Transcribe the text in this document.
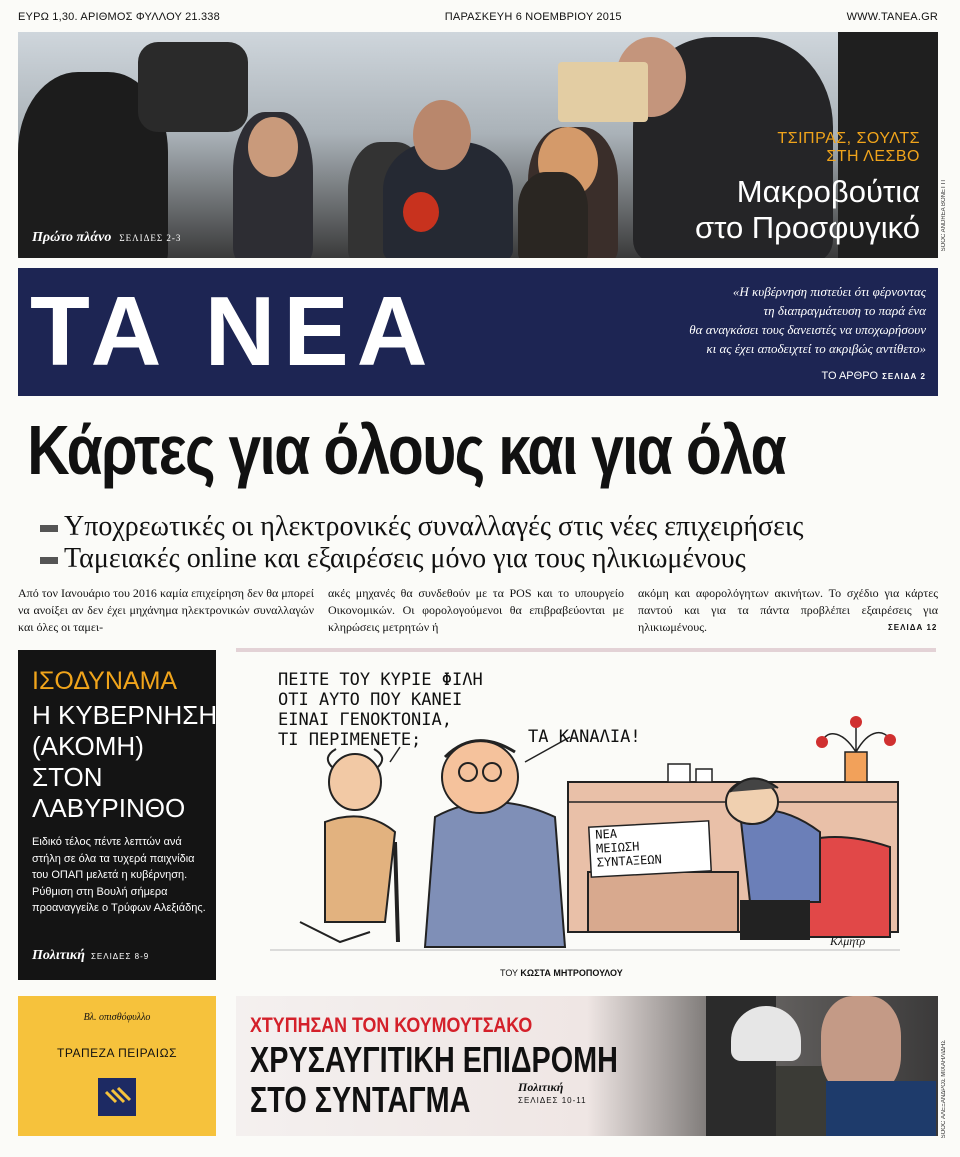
ΕΥΡΩ 1,30. ΑΡΙΘΜΟΣ ΦΥΛΛΟΥ 21.338	ΠΑΡΑΣΚΕΥΗ 6 ΝΟΕΜΒΡΙΟΥ 2015	WWW.TANEA.GR
Πρώτο πλάνο ΣΕΛΙΔΕΣ 2-3
ΤΣΙΠΡΑΣ, ΣΟΥΛΤΣ
ΣΤΗ ΛΕΣΒΟ
Μακροβούτια
στο Προσφυγικό	SOOC ANDREA BONETTI
ΤΑ ΝΕΑ	«Η κυβέρνηση πιστεύει ότι φέρνοντας
τη διαπραγμάτευση το παρά ένα
θα αναγκάσει τους δανειστές να υποχωρήσουν
κι ας έχει αποδειχτεί το ακριβώς αντίθετο»
ΤΟ ΑΡΘΡΟ ΣΕΛΙΔΑ 2
Κάρτες για όλους και για όλα
Υποχρεωτικές οι ηλεκτρονικές συναλλαγές στις νέες επιχειρήσεις
Ταμειακές online και εξαιρέσεις μόνο για τους ηλικιωμένους
Από τον Ιανουάριο του 2016 καμία επιχείρηση δεν θα μπορεί να ανοίξει αν δεν έχει μηχάνημα ηλεκτρονικών συναλλαγών και όλες οι ταμει-
ακές μηχανές θα συνδεθούν με τα POS και το υπουργείο Οικονομικών. Οι φορολογούμενοι θα επιβραβεύονται με κληρώσεις μετρητών ή
ακόμη και αφορολόγητων ακινήτων. Το σχέδιο για κάρτες παντού και για τα πάντα προβλέπει εξαιρέσεις για ηλικιωμένους.	ΣΕΛΙΔΑ 12
ΙΣΟΔΥΝΑΜΑ
Η ΚΥΒΕΡΝΗΣΗ
(ΑΚΟΜΗ)
ΣΤΟΝ
ΛΑΒΥΡΙΝΘΟ
Ειδικό τέλος πέντε λεπτών ανά στήλη σε όλα τα τυχερά παιχνίδια του ΟΠΑΠ μελετά η κυβέρνηση. Ρύθμιση στη Βουλή σήμερα προαναγγείλε ο Τρύφων Αλεξιάδης.
Πολιτική ΣΕΛΙΔΕΣ 8-9
ΠΕΙΤΕ ΤΟΥ ΚΥΡΙΕ ΦΙΛΗ
ΟΤΙ ΑΥΤΟ ΠΟΥ ΚΑΝΕΙ
ΕΙΝΑΙ ΓΕΝΟΚΤΟΝΙΑ,
ΤΙ ΠΕΡΙΜΕΝΕΤΕ;	ΤΑ ΚΑΝΑΛΙΑ!
ΝΕΑ
ΜΕΙΩΣΗ
ΣΥΝΤΑΞΕΩΝ
Κλμητρ
ΤΟΥ ΚΩΣΤΑ ΜΗΤΡΟΠΟΥΛΟΥ
Βλ. οπισθόφυλλο
ΤΡΑΠΕΖΑ ΠΕΙΡΑΙΩΣ
ΧΤΥΠΗΣΑΝ ΤΟΝ ΚΟΥΜΟΥΤΣΑΚΟ
ΧΡΥΣΑΥΓΙΤΙΚΗ ΕΠΙΔΡΟΜΗ
ΣΤΟ ΣΥΝΤΑΓΜΑ	Πολιτική
ΣΕΛΙΔΕΣ 10-11	SOOC ΑΛΕΞΑΝΔΡΟΣ ΜΙΧΑΗΛΙΔΗΣ
